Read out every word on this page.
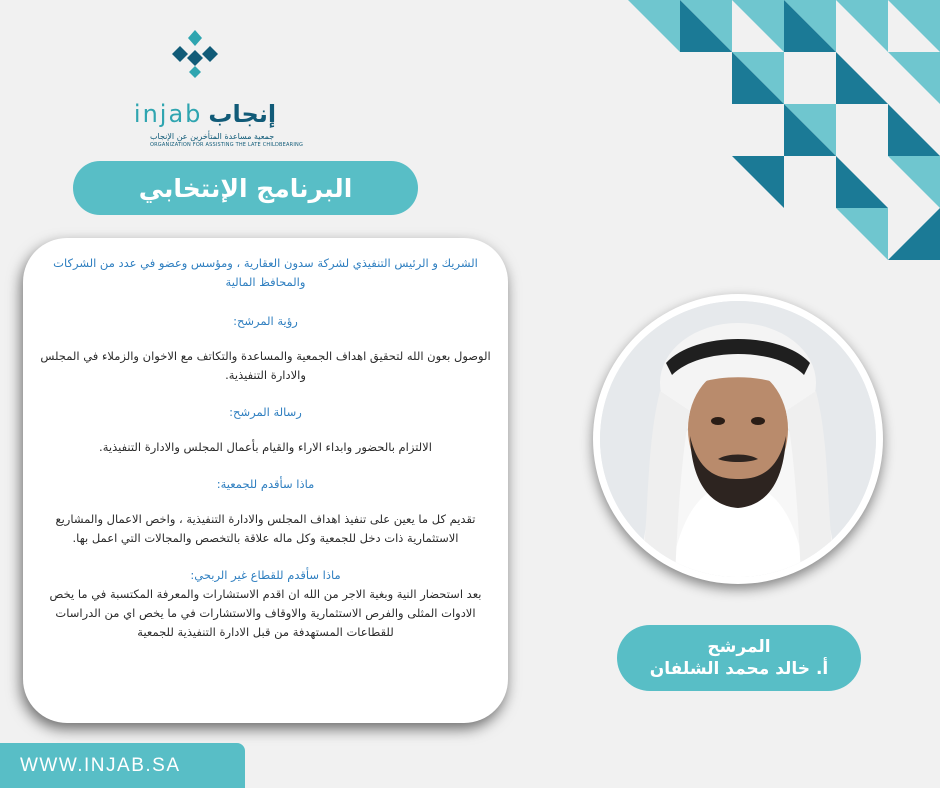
injab إنجاب
جمعية مساعدة المتأخرين عن الإنجاب
ORGANIZATION FOR ASSISTING THE LATE CHILDBEARING
البرنامج الإنتخابي

الشريك و الرئيس التنفيذي لشركة سدون العقارية ، ومؤسس وعضو في عدد من الشركات والمحافظ المالية

رؤية المرشح:

الوصول بعون الله لتحقيق اهداف الجمعية والمساعدة والتكاتف مع الاخوان والزملاء في المجلس والادارة التنفيذية.

رسالة المرشح:

الالتزام بالحضور وابداء الاراء والقيام بأعمال المجلس والادارة التنفيذية.

ماذا سأقدم للجمعية:

تقديم كل ما يعين على تنفيذ اهداف المجلس والادارة التنفيذية ، واخص الاعمال والمشاريع الاستثمارية ذات دخل للجمعية وكل ماله علاقة بالتخصص والمجالات التي اعمل بها.

ماذا سأقدم للقطاع غير الربحي:

بعد استحضار النية وبغية الاجر من الله ان اقدم الاستشارات والمعرفة المكتسبة في ما يخص الادوات المثلى والفرص الاستثمارية والاوقاف والاستشارات في ما يخص اي من الدراسات للقطاعات المستهدفة من قبل الادارة التنفيذية للجمعية

المرشح
أ. خالد محمد الشلفان
WWW.INJAB.SA
